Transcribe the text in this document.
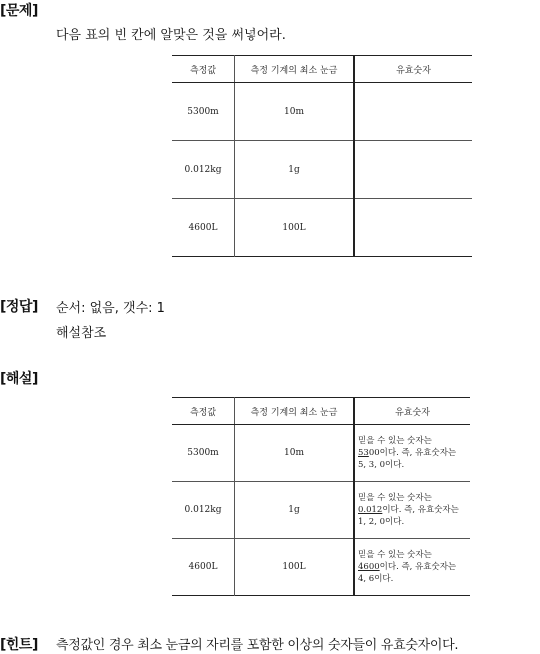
[문제]
다음 표의 빈 칸에 알맞은 것을 써넣어라.
측정값	측정 기계의 최소 눈금	유효숫자
5300m	10m	
0.012kg	1g	
4600L	100L	
[정답] 순서: 없음, 갯수: 1
해설참조
[해설]
측정값	측정 기계의 최소 눈금	유효숫자
5300m	10m	믿을 수 있는 숫자는
5300이다. 즉, 유효숫자는
5, 3, 0이다.

0.012kg	1g	믿을 수 있는 숫자는
0.012이다. 즉, 유효숫자는
1, 2, 0이다.

4600L	100L	믿을 수 있는 숫자는
4600이다. 즉, 유효숫자는
4, 6이다.
[힌트] 측정값인 경우 최소 눈금의 자리를 포함한 이상의 숫자들이 유효숫자이다.
